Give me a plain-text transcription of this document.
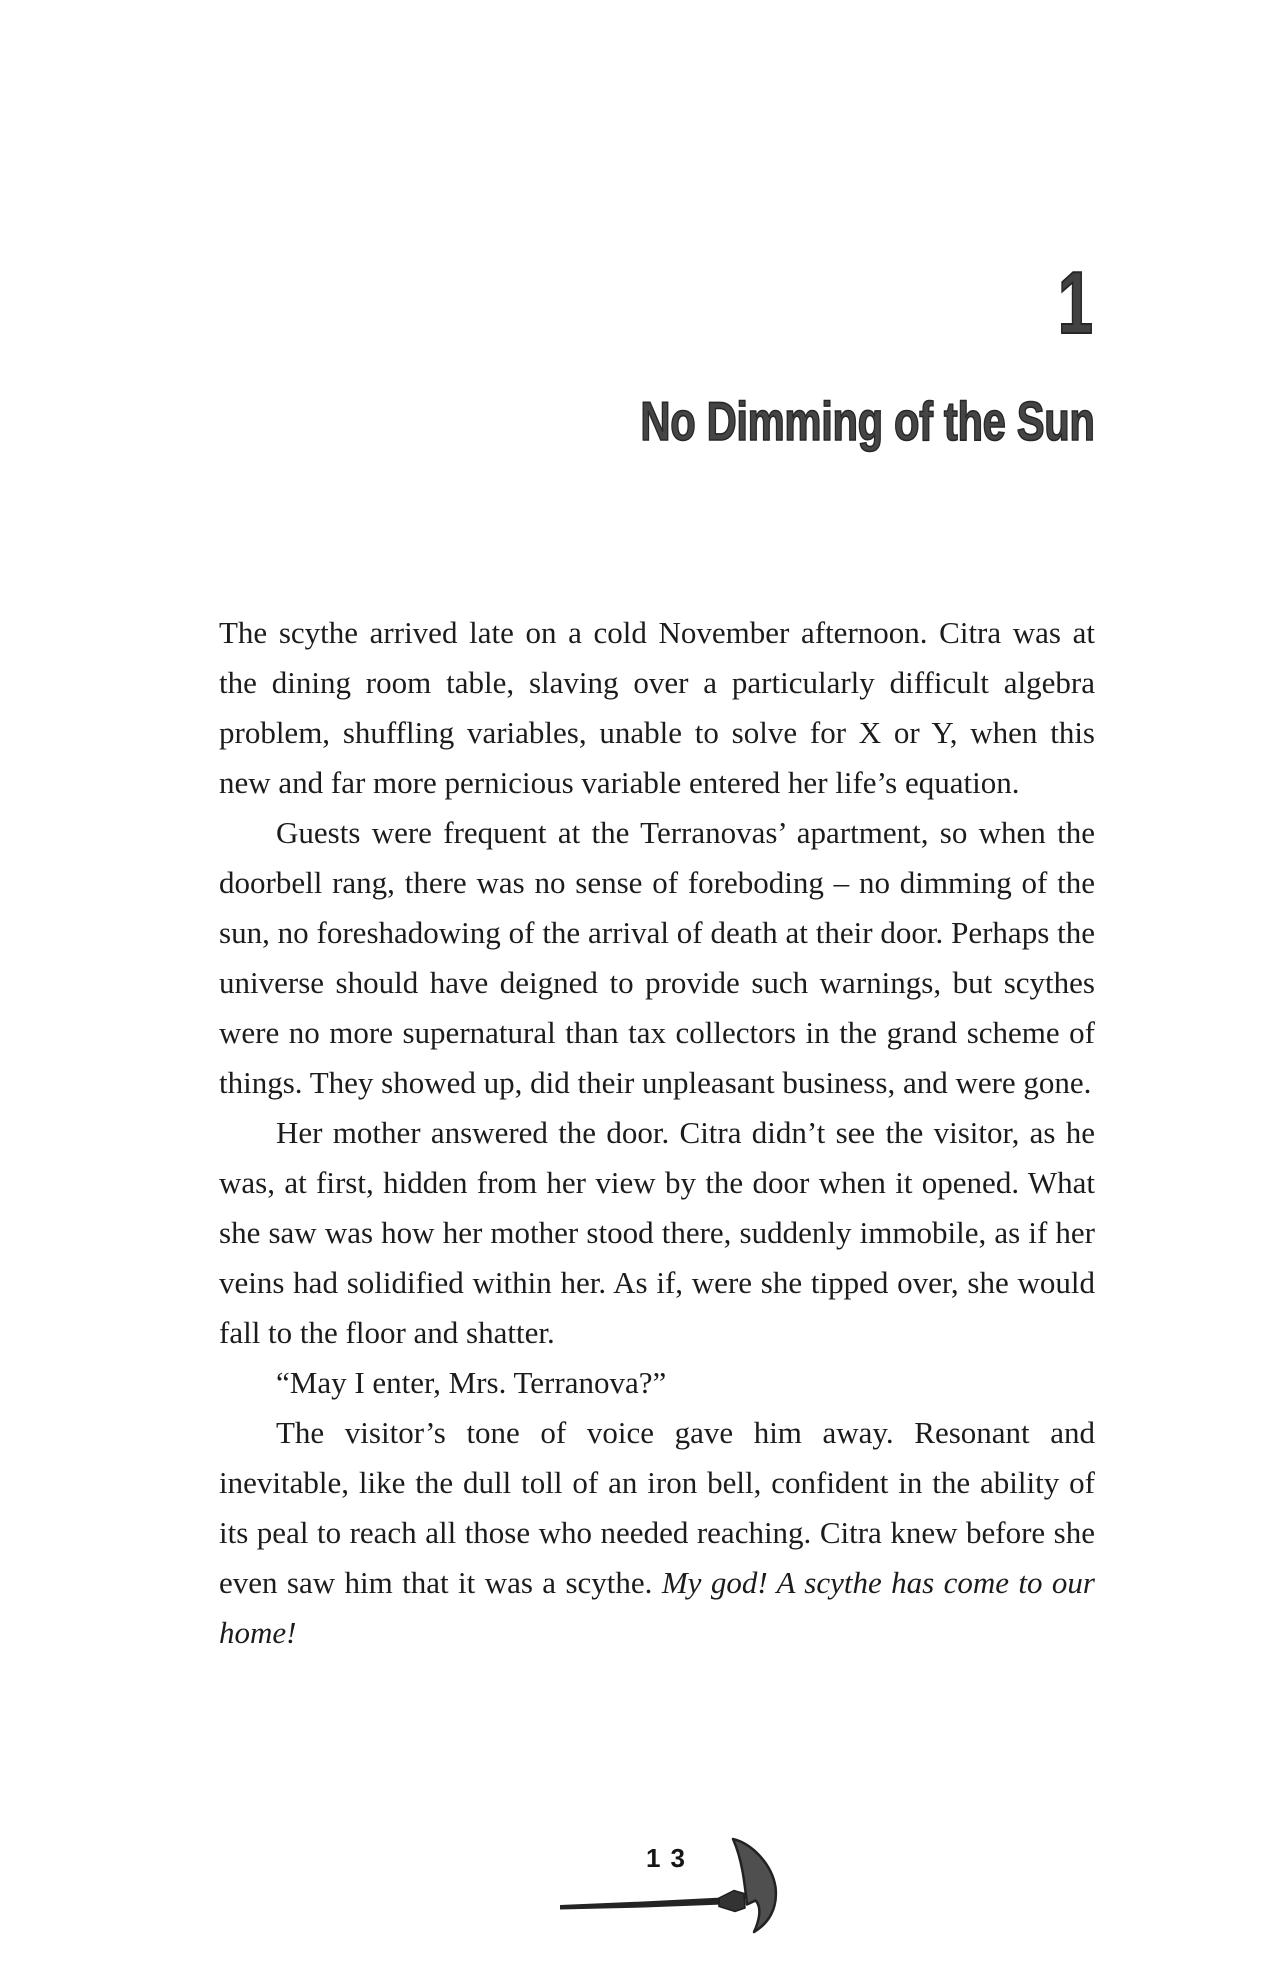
1
No Dimming of the Sun

The scythe arrived late on a cold November afternoon. Citra was at the dining room table, slaving over a particularly difficult algebra problem, shuffling variables, unable to solve for X or Y, when this new and far more pernicious variable entered her life’s equation.

Guests were frequent at the Terranovas’ apartment, so when the doorbell rang, there was no sense of foreboding – no dimming of the sun, no foreshadowing of the arrival of death at their door. Perhaps the universe should have deigned to provide such warnings, but scythes were no more supernatural than tax collectors in the grand scheme of things. They showed up, did their unpleasant business, and were gone.

Her mother answered the door. Citra didn’t see the visitor, as he was, at first, hidden from her view by the door when it opened. What she saw was how her mother stood there, suddenly immobile, as if her veins had solidified within her. As if, were she tipped over, she would fall to the floor and shatter.

“May I enter, Mrs. Terranova?”

The visitor’s tone of voice gave him away. Resonant and inevitable, like the dull toll of an iron bell, confident in the ability of its peal to reach all those who needed reaching. Citra knew before she even saw him that it was a scythe. My god! A scythe has come to our home!

13
